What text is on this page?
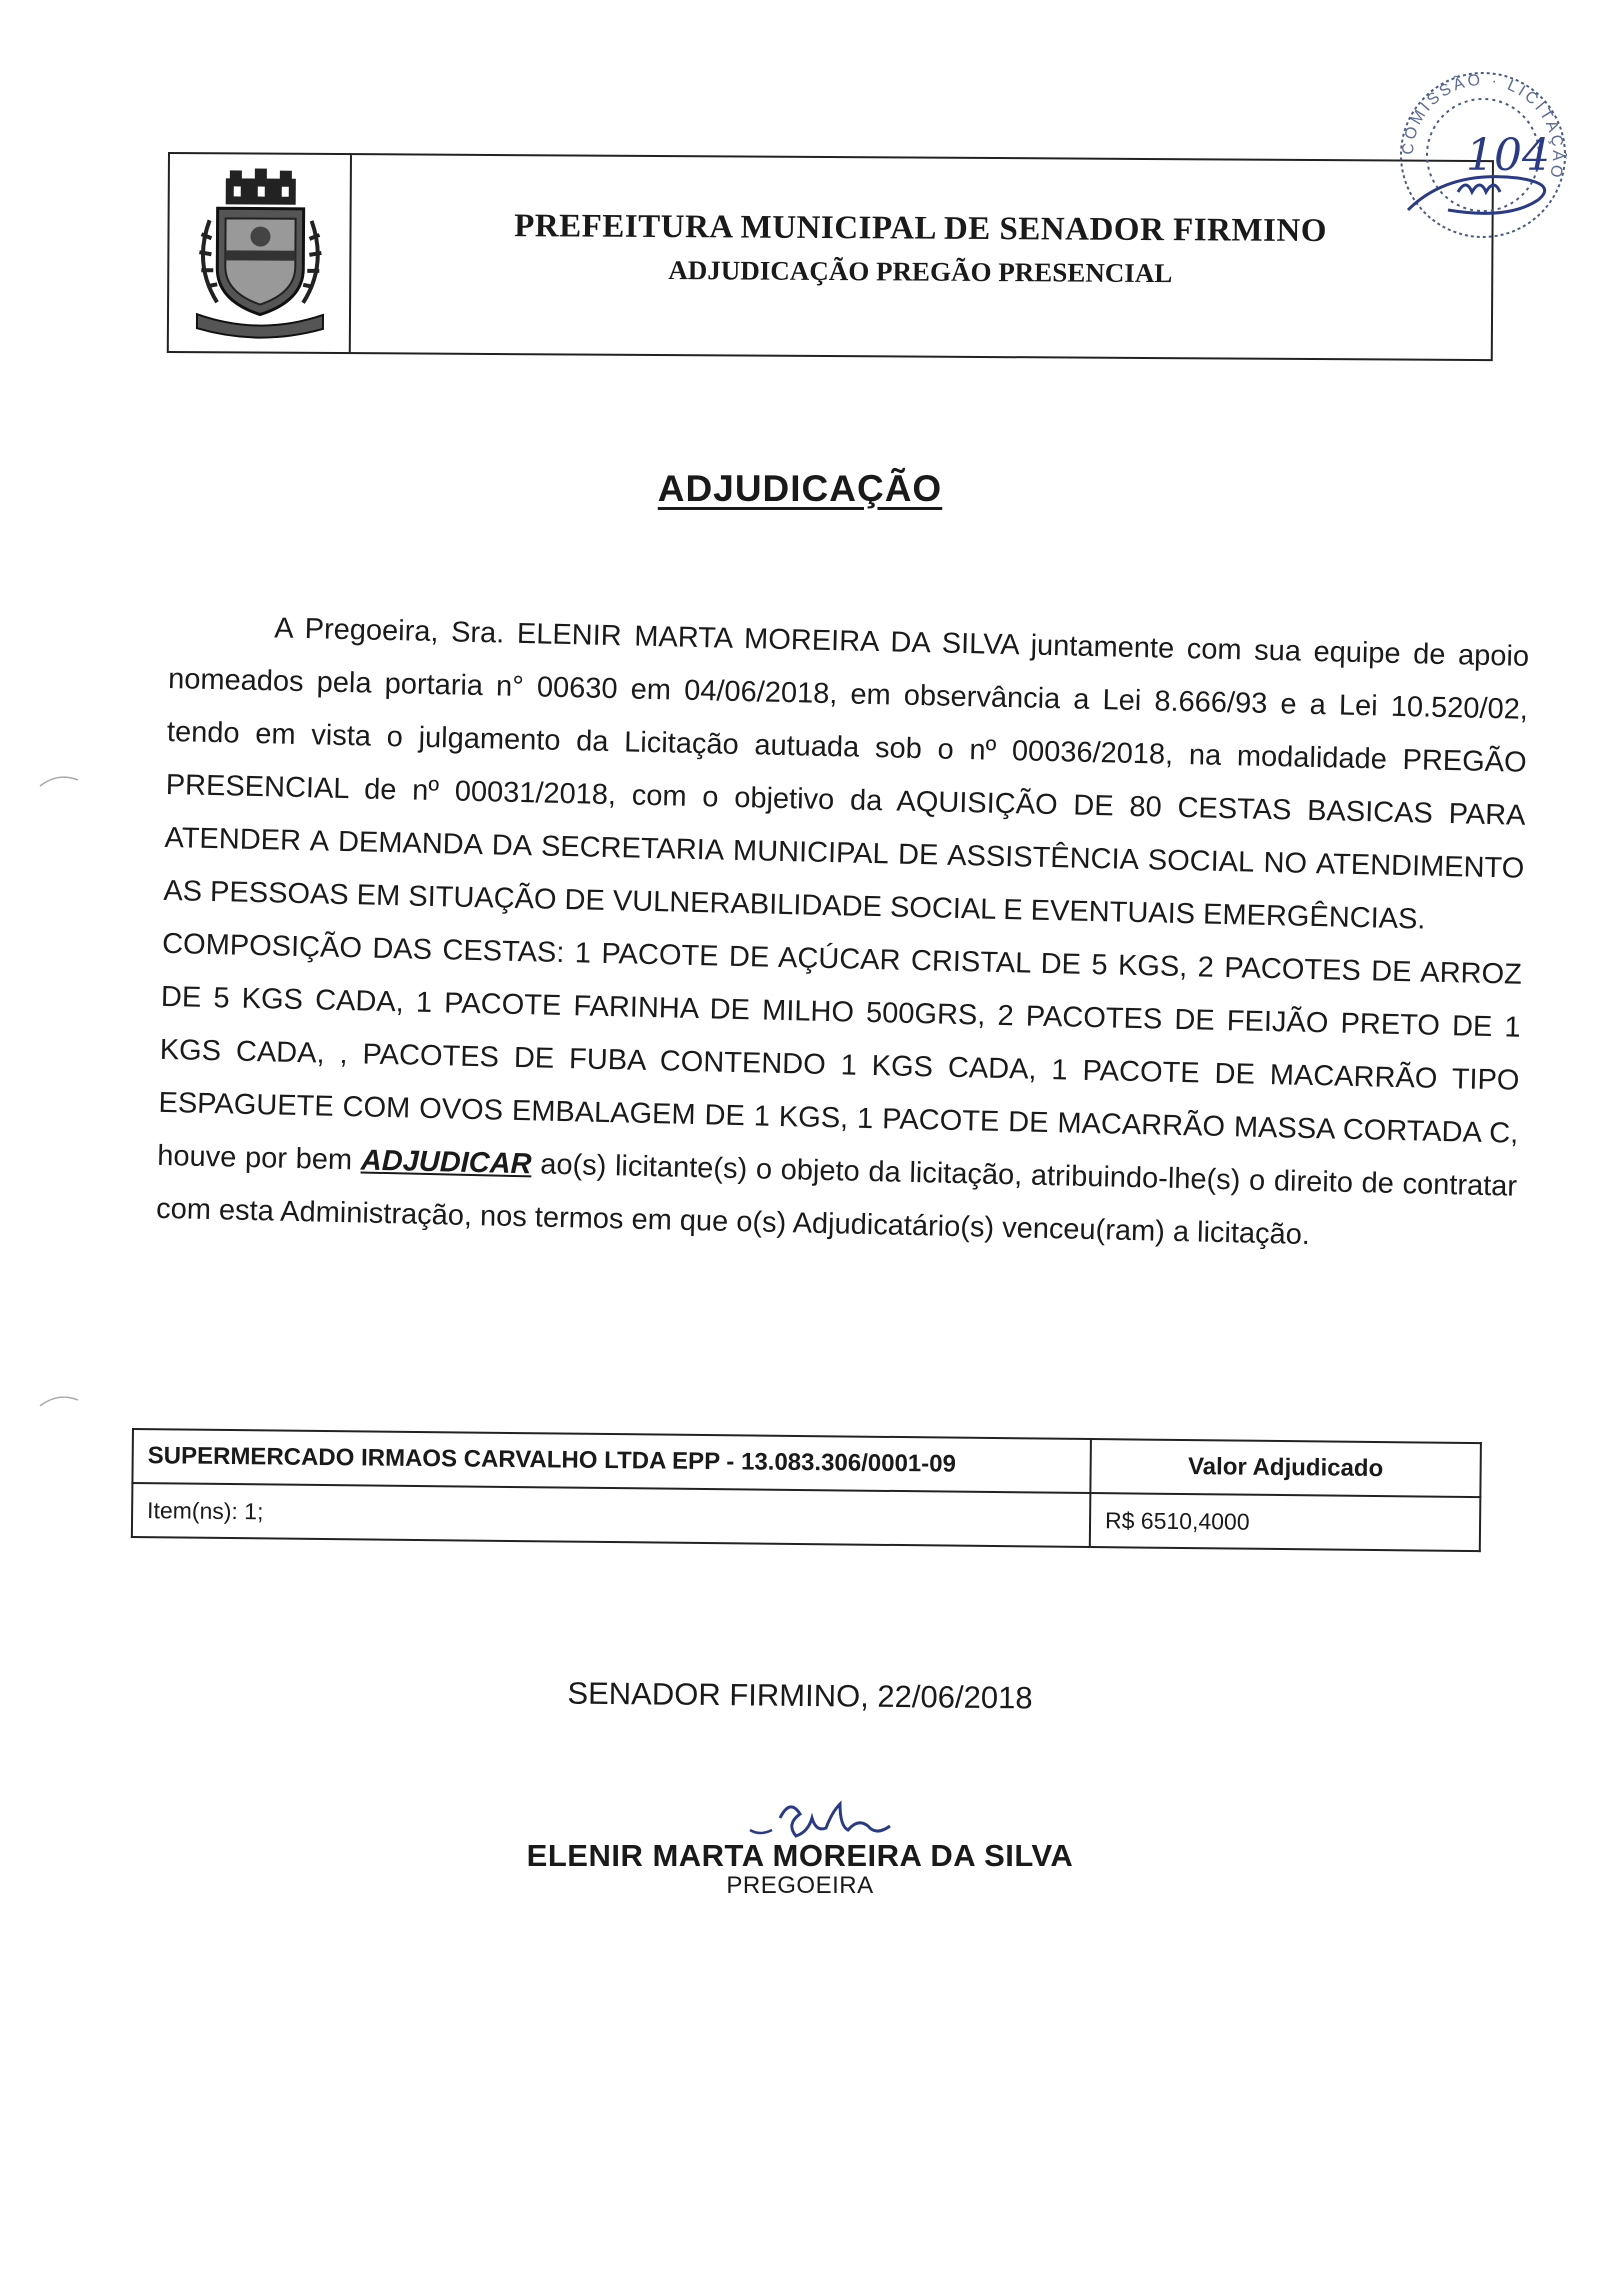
PREFEITURA MUNICIPAL DE SENADOR FIRMINO
ADJUDICAÇÃO PREGÃO PRESENCIAL
COMISSÃO · LICITAÇÃO
104
ADJUDICAÇÃO

A Pregoeira, Sra. ELENIR MARTA MOREIRA DA SILVA juntamente com sua equipe de apoio nomeados pela portaria n° 00630 em 04/06/2018, em observância a Lei 8.666/93 e a Lei 10.520/02, tendo em vista o julgamento da Licitação autuada sob o nº 00036/2018, na modalidade PREGÃO PRESENCIAL de nº 00031/2018, com o objetivo da AQUISIÇÃO DE 80 CESTAS BASICAS PARA ATENDER A DEMANDA DA SECRETARIA MUNICIPAL DE ASSISTÊNCIA SOCIAL NO ATENDIMENTO AS PESSOAS EM SITUAÇÃO DE VULNERABILIDADE SOCIAL E EVENTUAIS EMERGÊNCIAS.

COMPOSIÇÃO DAS CESTAS: 1 PACOTE DE AÇÚCAR CRISTAL DE 5 KGS, 2 PACOTES DE ARROZ DE 5 KGS CADA, 1 PACOTE FARINHA DE MILHO 500GRS, 2 PACOTES DE FEIJÃO PRETO DE 1 KGS CADA, , PACOTES DE FUBA CONTENDO 1 KGS CADA, 1 PACOTE DE MACARRÃO TIPO ESPAGUETE COM OVOS EMBALAGEM DE 1 KGS, 1 PACOTE DE MACARRÃO MASSA CORTADA C, houve por bem ADJUDICAR ao(s) licitante(s) o objeto da licitação, atribuindo-lhe(s) o direito de contratar com esta Administração, nos termos em que o(s) Adjudicatário(s) venceu(ram) a licitação.

SUPERMERCADO IRMAOS CARVALHO LTDA EPP - 13.083.306/0001-09	Valor Adjudicado
Item(ns): 1;	R$ 6510,4000
SENADOR FIRMINO, 22/06/2018
ELENIR MARTA MOREIRA DA SILVA
PREGOEIRA
